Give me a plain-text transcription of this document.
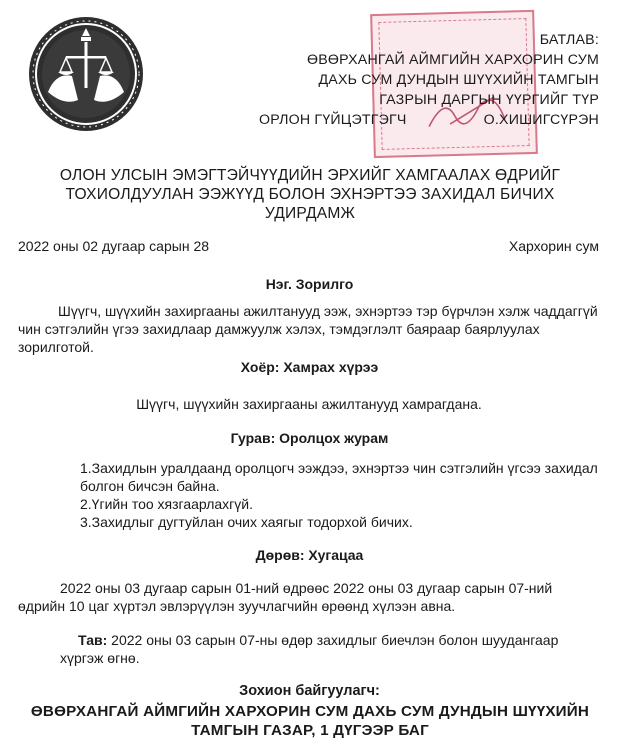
БАТЛАВ:
ӨВӨРХАНГАЙ АЙМГИЙН ХАРХОРИН СУМ
ДАХЬ СУМ ДУНДЫН ШҮҮХИЙН ТАМГЫН
ГАЗРЫН ДАРГЫН ҮҮРГИЙГ ТҮР
ОРЛОН ГҮЙЦЭТГЭГЧ	О.ХИШИГСҮРЭН
ОЛОН УЛСЫН ЭМЭГТЭЙЧҮҮДИЙН ЭРХИЙГ ХАМГААЛАХ ӨДРИЙГ
ТОХИОЛДУУЛАН ЭЭЖҮҮД БОЛОН ЭХНЭРТЭЭ ЗАХИДАЛ БИЧИХ
УДИРДАМЖ
2022 оны 02 дугаар сарын 28	Хархорин сум
Нэг. Зорилго
Шүүгч, шүүхийн захиргааны ажилтанууд ээж, эхнэртээ тэр бүрчлэн хэлж чаддаггүй чин сэтгэлийн үгээ захидлаар дамжуулж хэлэх, тэмдэглэлт баяраар баярлуулах зорилготой.
Хоёр: Хамрах хүрээ
Шүүгч, шүүхийн захиргааны ажилтанууд хамрагдана.
Гурав: Оролцох журам
1.Захидлын уралдаанд оролцогч ээждээ, эхнэртээ чин сэтгэлийн үгсээ захидал болгон бичсэн байна.
2.Үгийн тоо хязгаарлахгүй.
3.Захидлыг дугтуйлан очих хаягыг тодорхой бичих.
Дөрөв: Хугацаа
2022 оны 03 дугаар сарын 01-ний өдрөөс 2022 оны 03 дугаар сарын 07-ний өдрийн 10 цаг хүртэл эвлэрүүлэн зуучлагчийн өрөөнд хүлээн авна.
Тав: 2022 оны 03 сарын 07-ны өдөр захидлыг биечлэн болон шуудангаар хүргэж өгнө.
Зохион байгуулагч:
ӨВӨРХАНГАЙ АЙМГИЙН ХАРХОРИН СУМ ДАХЬ СУМ ДУНДЫН ШҮҮХИЙН
ТАМГЫН ГАЗАР, 1 ДҮГЭЭР БАГ
